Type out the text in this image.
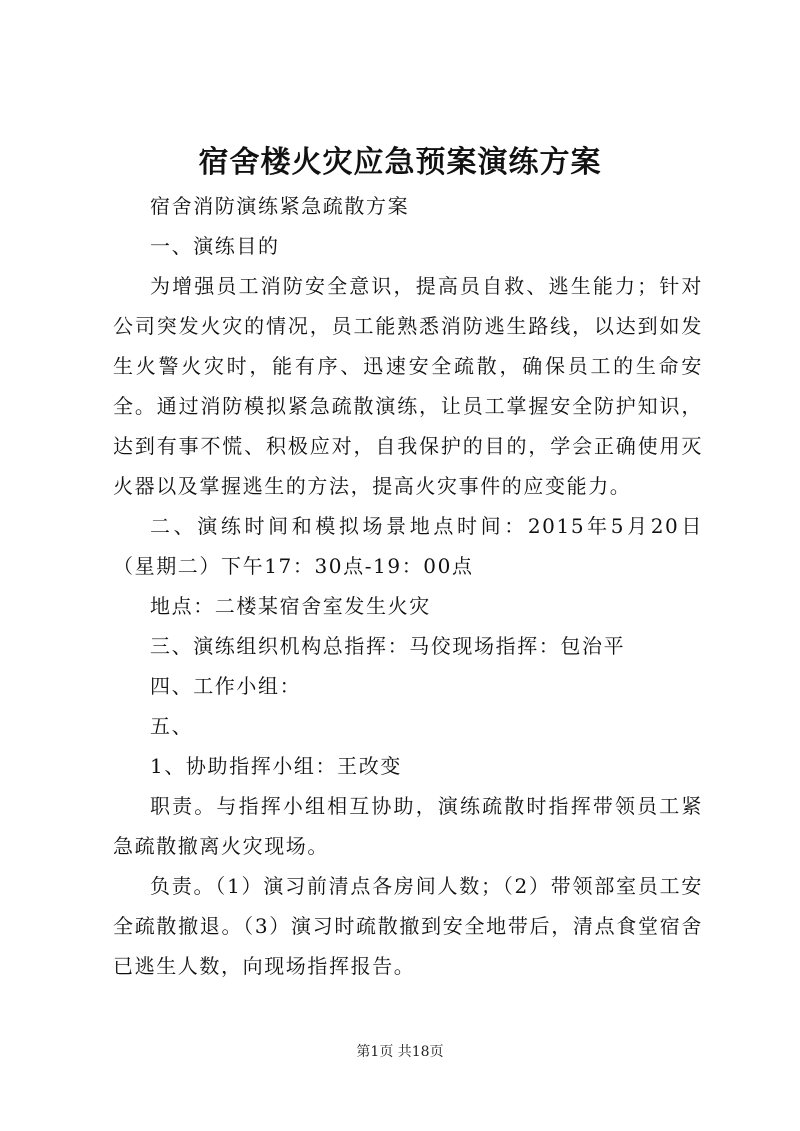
宿舍楼火灾应急预案演练方案

宿舍消防演练紧急疏散方案

一、演练目的

为增强员工消防安全意识，提高员自救、逃生能力；针对公司突发火灾的情况，员工能熟悉消防逃生路线，以达到如发生火警火灾时，能有序、迅速安全疏散，确保员工的生命安全。通过消防模拟紧急疏散演练，让员工掌握安全防护知识，达到有事不慌、积极应对，自我保护的目的，学会正确使用灭火器以及掌握逃生的方法，提高火灾事件的应变能力。

二、演练时间和模拟场景地点时间：2015年5月20日（星期二）下午17：30点-19：00点

地点：二楼某宿舍室发生火灾

三、演练组织机构总指挥：马佼现场指挥：包治平

四、工作小组：

五、

1、协助指挥小组：王改变

职责。与指挥小组相互协助，演练疏散时指挥带领员工紧急疏散撤离火灾现场。

负责。（1）演习前清点各房间人数；（2）带领部室员工安全疏散撤退。（3）演习时疏散撤到安全地带后，清点食堂宿舍已逃生人数，向现场指挥报告。

第1页 共18页
